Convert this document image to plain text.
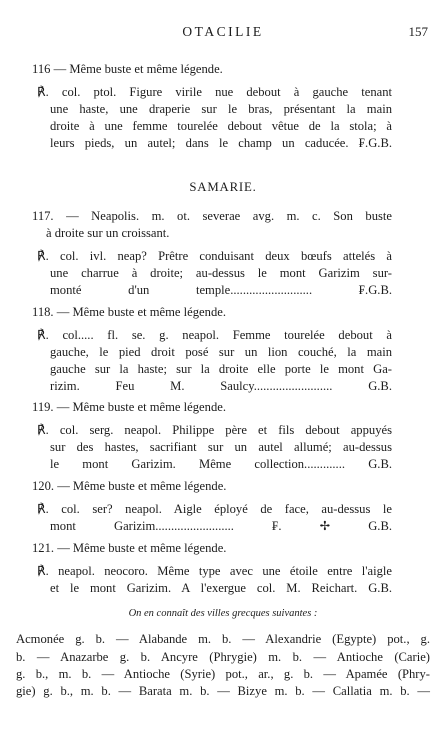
OTACILIE	157
116 — Même buste et même légende.
℟. col. ptol. Figure virile nue debout à gauche tenant
une haste, une draperie sur le bras, présentant la main
droite à une femme tourelée debout vêtue de la stola; à
leurs pieds, un autel; dans le champ un caducée. ₣.G.B.
SAMARIE.
117. — Neapolis. m. ot. severae avg. m. c. Son buste
à droite sur un croissant.
℟. col. ivl. neap? Prêtre conduisant deux bœufs attelés à
une charrue à droite; au-dessus le mont Garizim sur-
monté d'un temple.......................... ₣.G.B.
118. — Même buste et même légende.
℟. col..... fl. se. g. neapol. Femme tourelée debout à
gauche, le pied droit posé sur un lion couché, la main
gauche sur la haste; sur la droite elle porte le mont Ga-
rizim. Feu M. Saulcy......................... G.B.
119. — Même buste et même légende.
℟. col. serg. neapol. Philippe père et fils debout appuyés
sur des hastes, sacrifiant sur un autel allumé; au-dessus
le mont Garizim. Même collection............. G.B.
120. — Même buste et même légende.
℟. col. ser? neapol. Aigle éployé de face, au-dessus le
mont Garizim......................... ₣. ✢ G.B.
121. — Même buste et même légende.
℟. neapol. neocoro. Même type avec une étoile entre l'aigle
et le mont Garizim. A l'exergue col. M. Reichart. G.B.
On en connaît des villes grecques suivantes :
Acmonée g. b. — Alabande m. b. — Alexandrie (Egypte) pot., g.
b. — Anazarbe g. b. Ancyre (Phrygie) m. b. — Antioche (Carie)
g. b., m. b. — Antioche (Syrie) pot., ar., g. b. — Apamée (Phry-
gie) g. b., m. b. — Barata m. b. — Bizye m. b. — Callatia m. b. —
